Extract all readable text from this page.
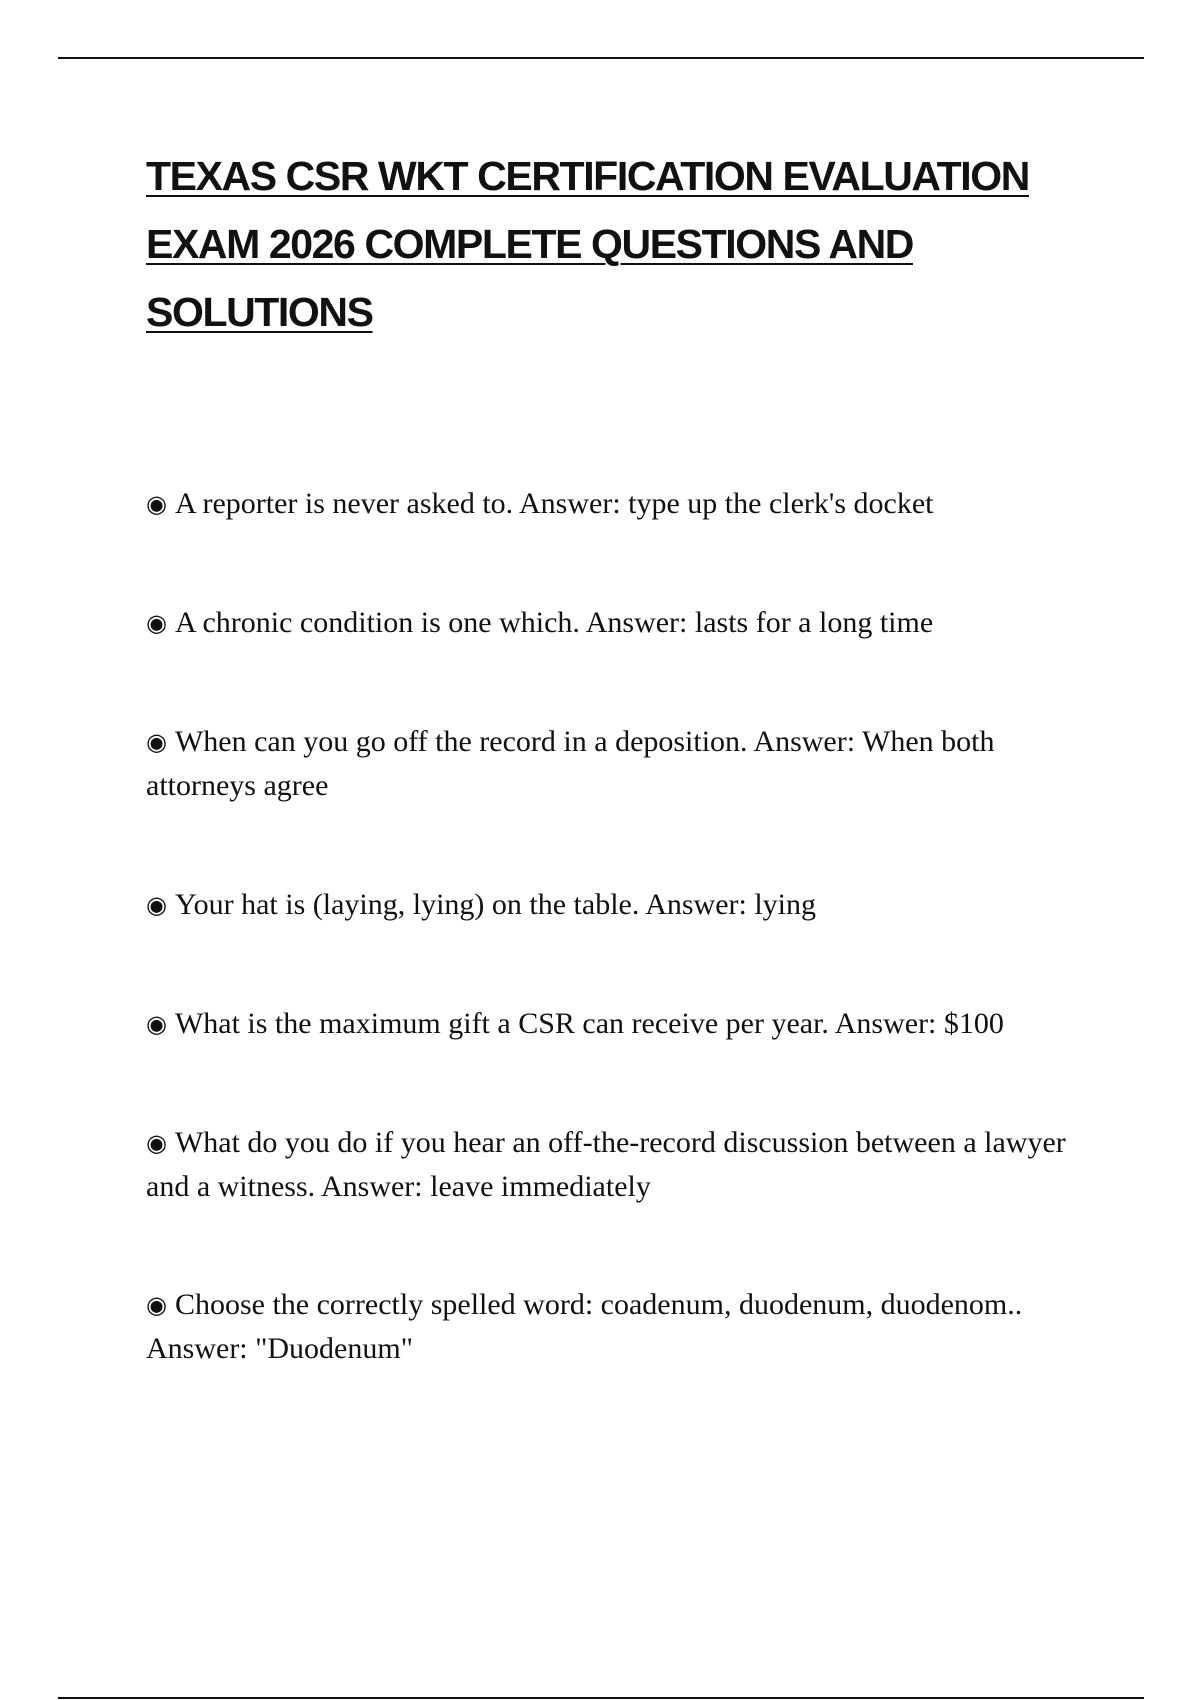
TEXAS CSR WKT CERTIFICATION EVALUATION
EXAM 2026 COMPLETE QUESTIONS AND
SOLUTIONS
◉ A reporter is never asked to. Answer: type up the clerk's docket
◉ A chronic condition is one which. Answer: lasts for a long time
◉ When can you go off the record in a deposition. Answer: When both attorneys agree
◉ Your hat is (laying, lying) on the table. Answer: lying
◉ What is the maximum gift a CSR can receive per year. Answer: $100
◉ What do you do if you hear an off-the-record discussion between a lawyer and a witness. Answer: leave immediately
◉ Choose the correctly spelled word: coadenum, duodenum, duodenom.. Answer: "Duodenum"
